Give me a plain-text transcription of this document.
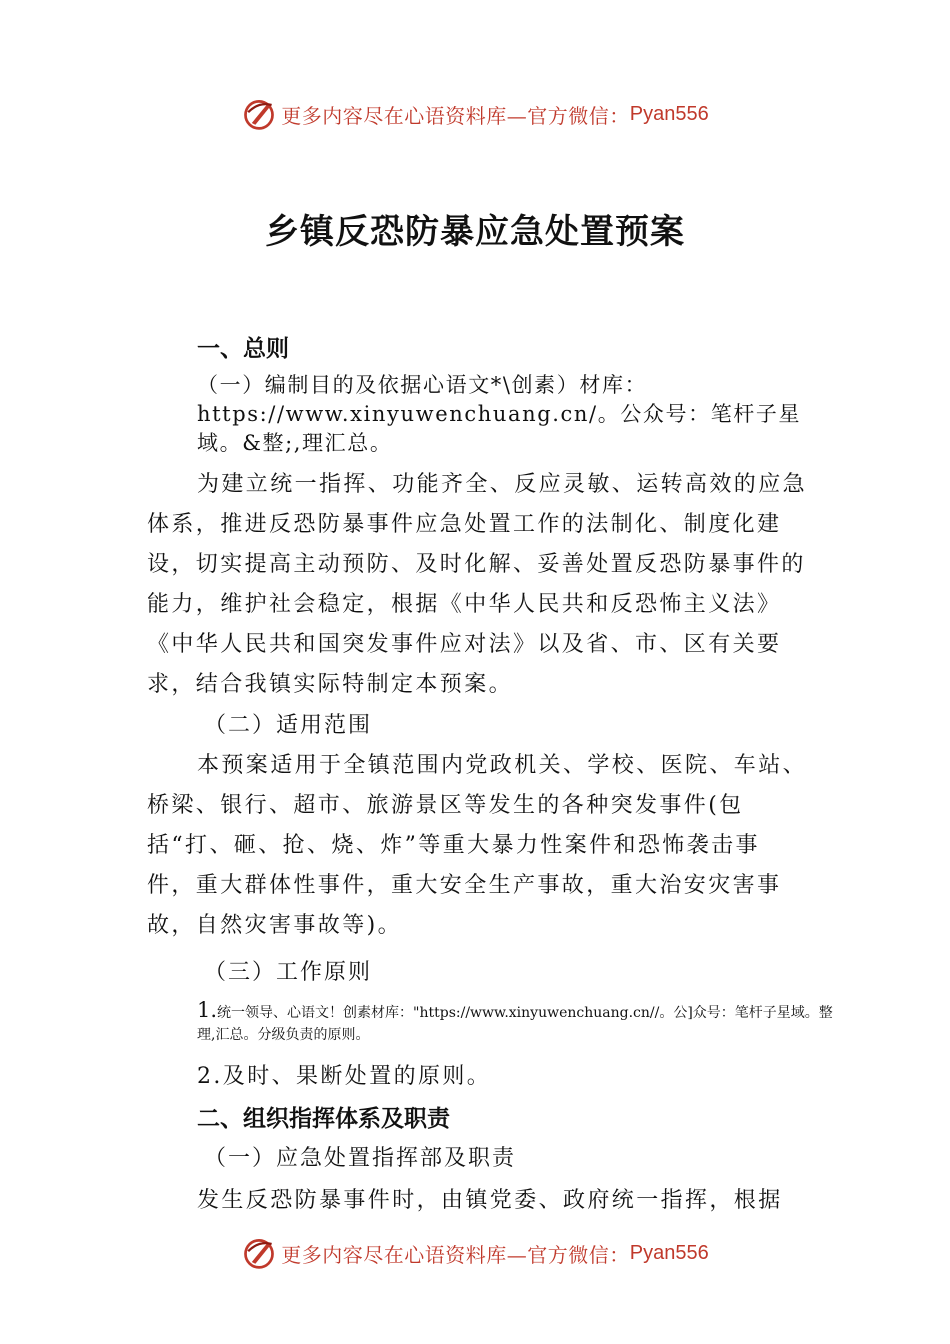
更多内容尽在心语资料库—官方微信： Pyan556
乡镇反恐防暴应急处置预案
一、总则

（一）编制目的及依据心语文*\创素）材库：https://www.xinyuwenchuang.cn/。公众号：笔杆子星域。&整;,理汇总。

为建立统一指挥、功能齐全、反应灵敏、运转高效的应急体系，推进反恐防暴事件应急处置工作的法制化、制度化建设，切实提高主动预防、及时化解、妥善处置反恐防暴事件的能力，维护社会稳定，根据《中华人民共和反恐怖主义法》《中华人民共和国突发事件应对法》以及省、市、区有关要求，结合我镇实际特制定本预案。

（二）适用范围

本预案适用于全镇范围内党政机关、学校、医院、车站、桥梁、银行、超市、旅游景区等发生的各种突发事件(包括“打、砸、抢、烧、炸”等重大暴力性案件和恐怖袭击事件，重大群体性事件，重大安全生产事故，重大治安灾害事故，自然灾害事故等)。

（三）工作原则
1.统一领导、心语文！创素材库："https://www.xinyuwenchuang.cn//。公]众号：笔杆子星域。整理,汇总。分级负责的原则。
2.及时、果断处置的原则。
二、组织指挥体系及职责
（一）应急处置指挥部及职责
发生反恐防暴事件时，由镇党委、政府统一指挥，根据
更多内容尽在心语资料库—官方微信： Pyan556
